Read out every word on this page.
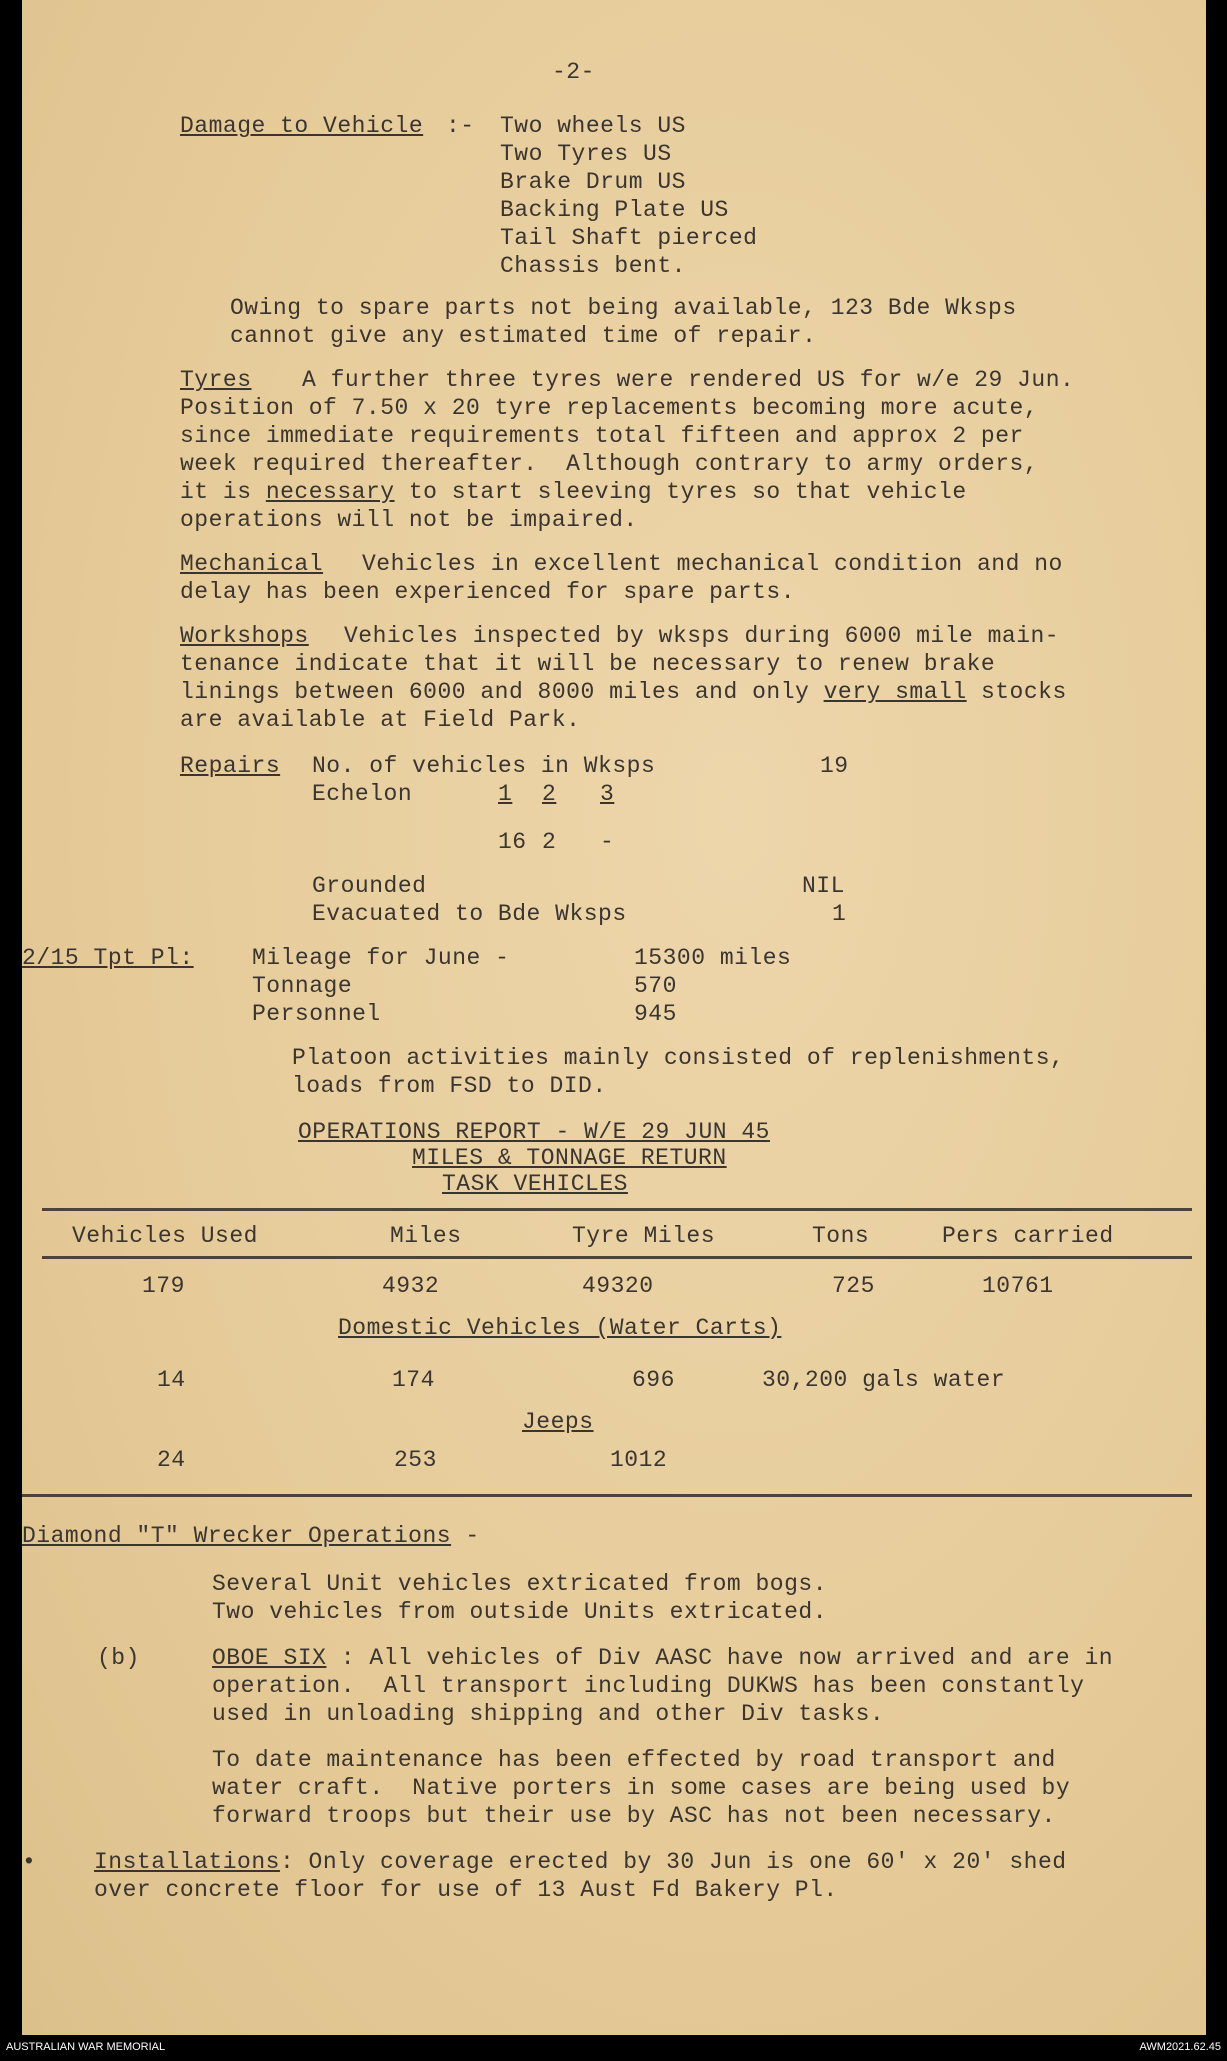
-2-
Damage to Vehicle :- Two wheels US
Two Tyres US
Brake Drum US
Backing Plate US
Tail Shaft pierced
Chassis bent.
Owing to spare parts not being available, 123 Bde Wksps
cannot give any estimated time of repair.
Tyres A further three tyres were rendered US for w/e 29 Jun.
Position of 7.50 x 20 tyre replacements becoming more acute,
since immediate requirements total fifteen and approx 2 per
week required thereafter.  Although contrary to army orders,
it is necessary to start sleeving tyres so that vehicle
operations will not be impaired.
Mechanical Vehicles in excellent mechanical condition and no
delay has been experienced for spare parts.
Workshops Vehicles inspected by wksps during 6000 mile main-
tenance indicate that it will be necessary to renew brake
linings between 6000 and 8000 miles and only very small stocks
are available at Field Park.
Repairs No. of vehicles in Wksps	19
Echelon	1 2 3
16 2 -
Grounded	NIL
Evacuated to Bde Wksps	1
2/15 Tpt Pl:	Mileage for June -	15300 miles
Tonnage	570
Personnel	945
Platoon activities mainly consisted of replenishments,
loads from FSD to DID.
OPERATIONS REPORT - W/E 29 JUN 45
MILES & TONNAGE RETURN
TASK VEHICLES
Vehicles Used	Miles	Tyre Miles	Tons	Pers carried
179	4932	49320	725	10761
Domestic Vehicles (Water Carts)
14	174	696	30,200 gals water
Jeeps
24	253	1012
Diamond "T" Wrecker Operations -
Several Unit vehicles extricated from bogs.
Two vehicles from outside Units extricated.
(b)	OBOE SIX : All vehicles of Div AASC have now arrived and are in
operation.  All transport including DUKWS has been constantly
used in unloading shipping and other Div tasks.
To date maintenance has been effected by road transport and
water craft.  Native porters in some cases are being used by
forward troops but their use by ASC has not been necessary.
•	Installations: Only coverage erected by 30 Jun is one 60' x 20' shed
over concrete floor for use of 13 Aust Fd Bakery Pl.
AUSTRALIAN WAR MEMORIAL	AWM2021.62.45
